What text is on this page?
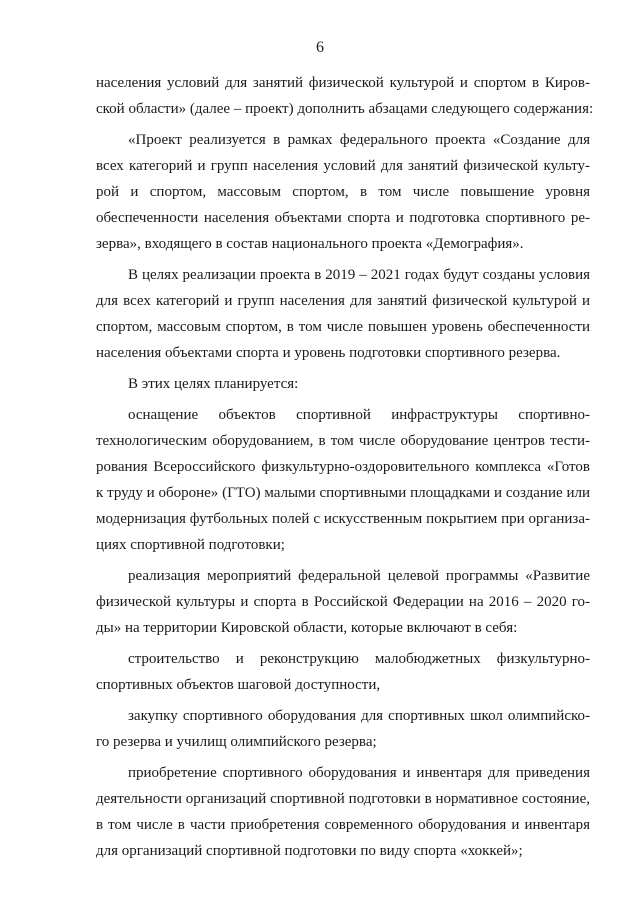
6
населения условий для занятий физической культурой и спортом в Киров-
ской области» (далее – проект) дополнить абзацами следующего содержания:
«Проект реализуется в рамках федерального проекта «Создание для
всех категорий и групп населения условий для занятий физической культу-
рой и спортом, массовым спортом, в том числе повышение уровня
обеспеченности населения объектами спорта и подготовка спортивного ре-
зерва», входящего в состав национального проекта «Демография».
В целях реализации проекта в 2019 – 2021 годах будут созданы условия
для всех категорий и групп населения для занятий физической культурой и
спортом, массовым спортом, в том числе повышен уровень обеспеченности
населения объектами спорта и уровень подготовки спортивного резерва.
В этих целях планируется:
оснащение объектов спортивной инфраструктуры спортивно-
технологическим оборудованием, в том числе оборудование центров тести-
рования Всероссийского физкультурно-оздоровительного комплекса «Готов
к труду и обороне» (ГТО) малыми спортивными площадками и создание или
модернизация футбольных полей с искусственным покрытием при организа-
циях спортивной подготовки;
реализация мероприятий федеральной целевой программы «Развитие
физической культуры и спорта в Российской Федерации на 2016 – 2020 го-
ды» на территории Кировской области, которые включают в себя:
строительство и реконструкцию малобюджетных физкультурно-
спортивных объектов шаговой доступности,
закупку спортивного оборудования для спортивных школ олимпийско-
го резерва и училищ олимпийского резерва;
приобретение спортивного оборудования и инвентаря для приведения
деятельности организаций спортивной подготовки в нормативное состояние,
в том числе в части приобретения современного оборудования и инвентаря
для организаций спортивной подготовки по виду спорта «хоккей»;
